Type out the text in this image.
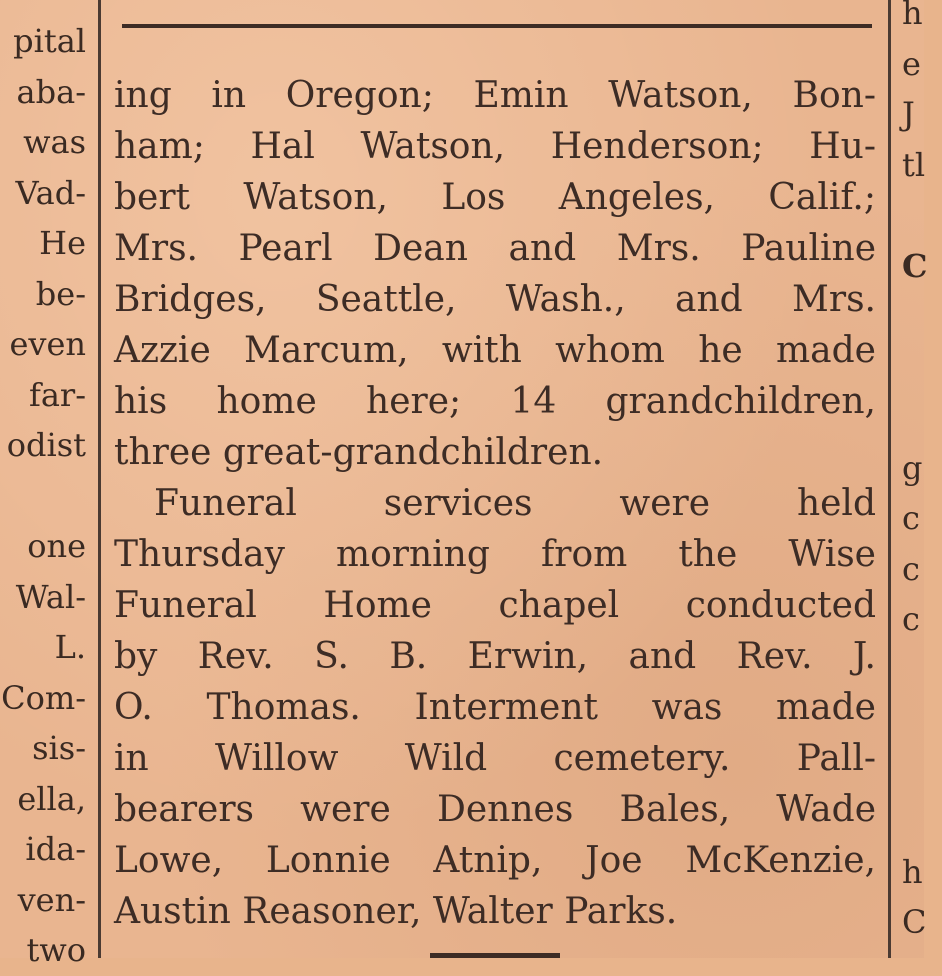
pital
aba-
was
Vad-
He
be-
even
far-
odist

one
Wal-
L.
Com-
sis-
ella,
ida-
ven-
two
ing in Oregon; Emin Watson, Bon-
ham; Hal Watson, Henderson; Hu-
bert Watson, Los Angeles, Calif.;
Mrs. Pearl Dean and Mrs. Pauline
Bridges, Seattle, Wash., and Mrs.
Azzie Marcum, with whom he made
his home here; 14 grandchildren,
three great-grandchildren.
Funeral services were held
Thursday morning from the Wise
Funeral Home chapel conducted
by Rev. S. B. Erwin, and Rev. J.
O. Thomas. Interment was made
in Willow Wild cemetery. Pall-
bearers were Dennes Bales, Wade
Lowe, Lonnie Atnip, Joe McKenzie,
Austin Reasoner, Walter Parks.
h
e
J
tl

C

g
c
c
c

h
C
